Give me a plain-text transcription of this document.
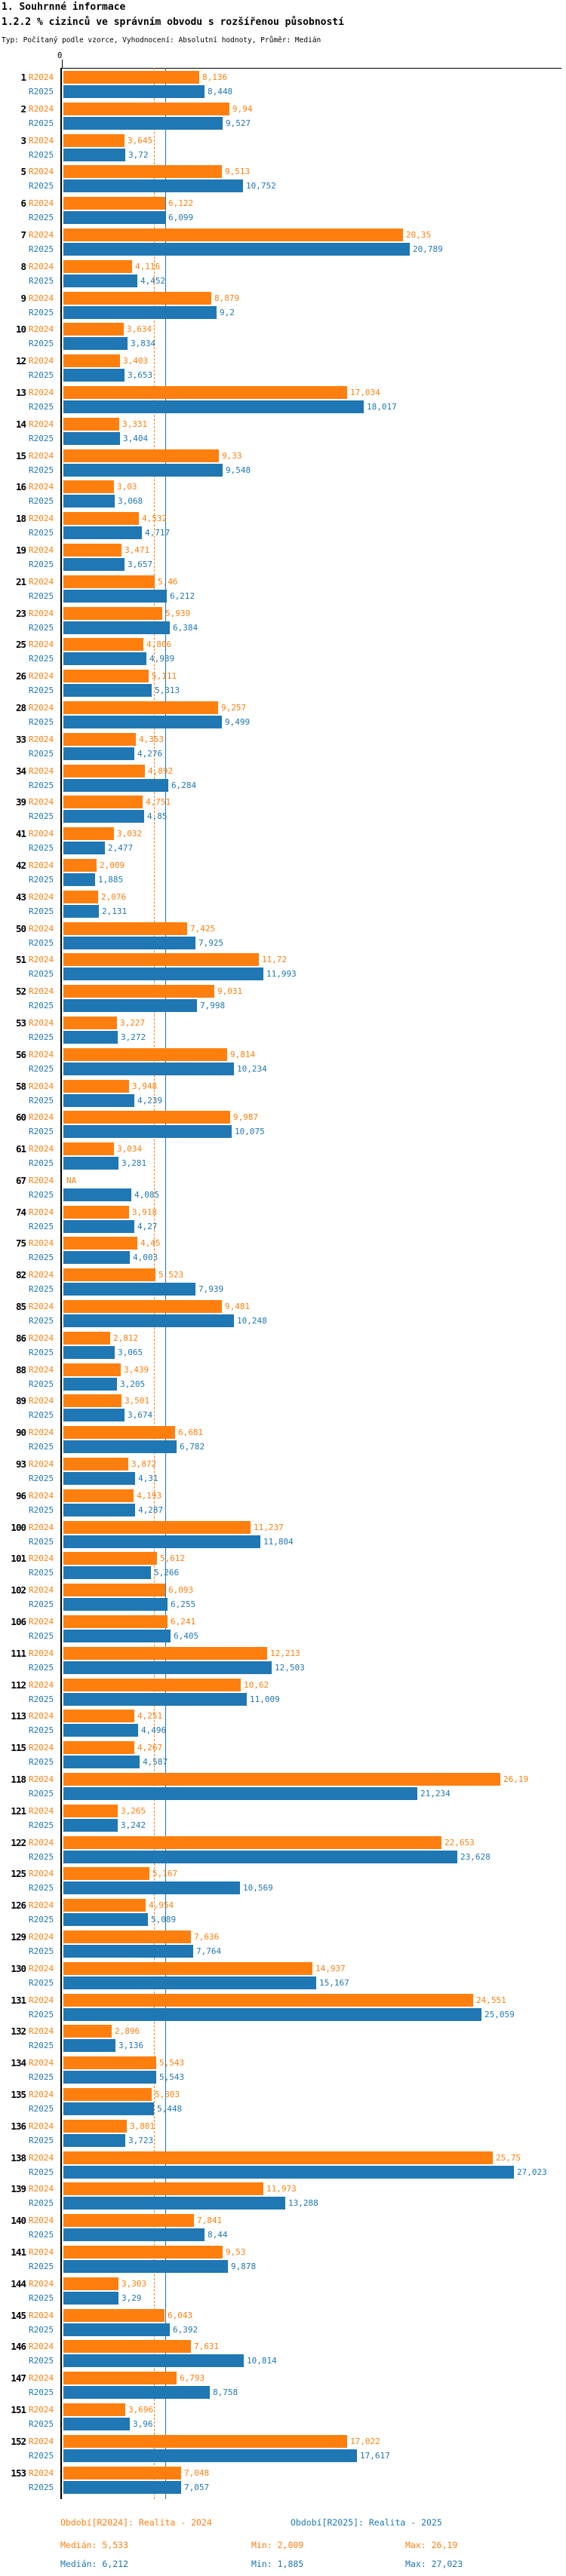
1. Souhrnné informace
1.2.2 % cizinců ve správním obvodu s rozšířenou působností
Typ: Počítaný podle vzorce, Vyhodnocení: Absolutní hodnoty, Průměr: Medián
0
1 R2024	8,136
R2025	8,448
2 R2024	9,94
R2025	9,527
3 R2024	3,645
R2025	3,72
5 R2024	9,513
R2025	10,752
6 R2024	6,122
R2025	6,099
7 R2024	20,35
R2025	20,789
8 R2024	4,116
R2025	4,452
9 R2024	8,879
R2025	9,2
10 R2024	3,634
R2025	3,834
12 R2024	3,403
R2025	3,653
13 R2024	17,034
R2025	18,017
14 R2024	3,331
R2025	3,404
15 R2024	9,33
R2025	9,548
16 R2024	3,03
R2025	3,068
18 R2024	4,532
R2025	4,717
19 R2024	3,471
R2025	3,657
21 R2024	5,46
R2025	6,212
23 R2024	5,939
R2025	6,384
25 R2024	4,806
R2025	4,989
26 R2024	5,111
R2025	5,313
28 R2024	9,257
R2025	9,499
33 R2024	4,353
R2025	4,276
34 R2024	4,892
R2025	6,284
39 R2024	4,751
R2025	4,85
41 R2024	3,032
R2025	2,477
42 R2024	2,009
R2025	1,885
43 R2024	2,076
R2025	2,131
50 R2024	7,425
R2025	7,925
51 R2024	11,72
R2025	11,993
52 R2024	9,031
R2025	7,998
53 R2024	3,227
R2025	3,272
56 R2024	9,814
R2025	10,234
58 R2024	3,948
R2025	4,239
60 R2024	9,987
R2025	10,075
61 R2024	3,034
R2025	3,281
67 R2024	NA
R2025	4,085
74 R2024	3,918
R2025	4,27
75 R2024	4,45
R2025	4,003
82 R2024	5,523
R2025	7,939
85 R2024	9,481
R2025	10,248
86 R2024	2,812
R2025	3,065
88 R2024	3,439
R2025	3,205
89 R2024	3,501
R2025	3,674
90 R2024	6,681
R2025	6,782
93 R2024	3,872
R2025	4,31
96 R2024	4,193
R2025	4,287
100 R2024	11,237
R2025	11,804
101 R2024	5,612
R2025	5,266
102 R2024	6,093
R2025	6,255
106 R2024	6,241
R2025	6,405
111 R2024	12,213
R2025	12,503
112 R2024	10,62
R2025	11,009
113 R2024	4,251
R2025	4,496
115 R2024	4,267
R2025	4,587
118 R2024	26,19
R2025	21,234
121 R2024	3,265
R2025	3,242
122 R2024	22,653
R2025	23,628
125 R2024	5,167
R2025	10,569
126 R2024	4,954
R2025	5,089
129 R2024	7,636
R2025	7,764
130 R2024	14,937
R2025	15,167
131 R2024	24,551
R2025	25,059
132 R2024	2,896
R2025	3,136
134 R2024	5,543
R2025	5,543
135 R2024	5,303
R2025	5,448
136 R2024	3,801
R2025	3,723
138 R2024	25,75
R2025	27,023
139 R2024	11,973
R2025	13,288
140 R2024	7,841
R2025	8,44
141 R2024	9,53
R2025	9,878
144 R2024	3,303
R2025	3,29
145 R2024	6,043
R2025	6,392
146 R2024	7,631
R2025	10,814
147 R2024	6,793
R2025	8,758
151 R2024	3,696
R2025	3,96
152 R2024	17,022
R2025	17,617
153 R2024	7,048
R2025	7,057
Období[R2024]: Realita - 2024	Období[R2025]: Realita - 2025
Medián: 5,533	Min: 2,009	Max: 26,19
Medián: 6,212	Min: 1,885	Max: 27,023
